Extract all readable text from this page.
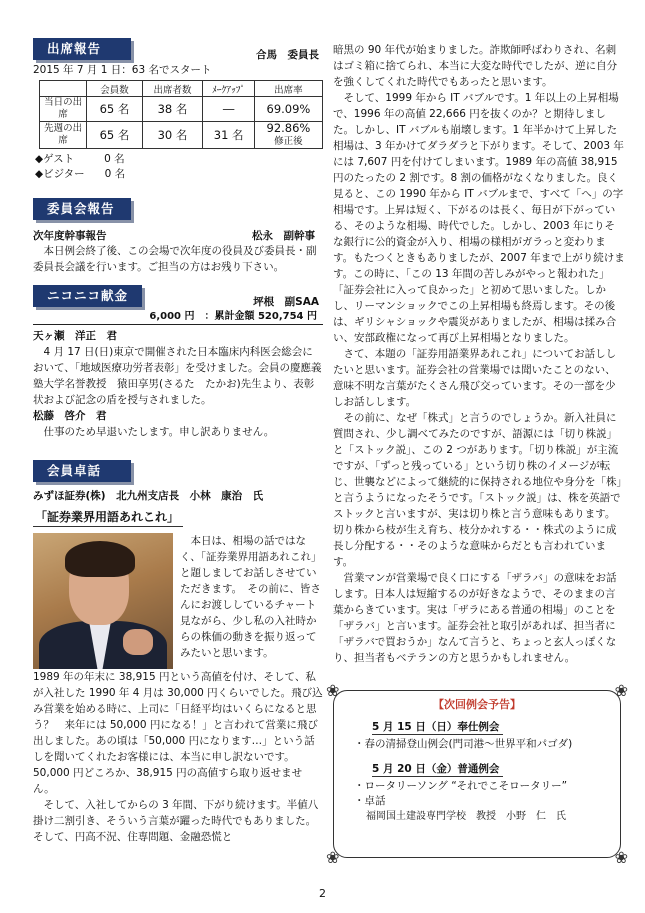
出席報告	合馬　委員長

2015 年 7 月 1 日：63 名でスタート

	会員数	出席者数	ﾒｰｸｱｯﾌﾟ	出席率
当日の出席	65 名	38 名	―	69.09%
先週の出席	65 名	30 名	31 名	92.86%
修正後
◆ゲスト	0 名
◆ビジター 0 名
委員会報告
次年度幹事報告	松永　副幹事

本日例会終了後、この会場で次年度の役員及び委員長・副委員長会議を行います。ご担当の方はお残り下さい。

ニコニコ献金	坪根　副SAA
6,000 円　：累計金額 520,754 円

天ヶ瀬　洋正　君

4 月 17 日(日)東京で開催された日本臨床内科医会総会において、「地域医療功労者表彰」を受けました。会員の慶應義塾大学名誉教授　猿田享男(さるた　たかお)先生より、表彰状および記念の盾を授与されました。

松藤　啓介　君

仕事のため早退いたします。申し訳ありません。

会員卓話

みずほ証券(株)　北九州支店長　小林　康治　氏

「証券業界用語あれこれ」

本日は、相場の話ではなく、「証券業界用語あれこれ」と題しましてお話しさせていただきます。　その前に、皆さんにお渡ししているチャート見ながら、少し私の入社時からの株価の動きを振り返ってみたいと思います。

1989 年の年末に 38,915 円という高値を付け、そして、私が入社した 1990 年 4 月は 30,000 円くらいでした。飛び込み営業を始める時に、上司に「日経平均はいくらになると思う？　来年には 50,000 円になる！」と言われて営業に飛び出しました。あの頃は「50,000 円になります…」という話しを聞いてくれたお客様には、本当に申し訳ないです。50,000 円どころか、38,915 円の高値すら取り返せません。

そして、入社してからの 3 年間、下がり続けます。半値八掛け二割引き、そういう言葉が躍った時代でもありました。そして、円高不況、住専問題、金融恐慌と

暗黒の 90 年代が始まりました。詐欺師呼ばわりされ、名刺はゴミ箱に捨てられ、本当に大変な時代でしたが、逆に自分を強くしてくれた時代でもあったと思います。

そして、1999 年から IT バブルです。1 年以上の上昇相場で、1996 年の高値 22,666 円を抜くのか？と期待しました。しかし、IT バブルも崩壊します。1 年半かけて上昇した相場は、3 年かけてダラダラと下がります。そして、2003 年には 7,607 円を付けてしまいます。1989 年の高値 38,915 円のたったの 2 割です。8 割の価格がなくなりました。良く見ると、この 1990 年から IT バブルまで、すべて「へ」の字相場です。上昇は短く、下がるのは長く、毎日が下がっている、そのような相場、時代でした。しかし、2003 年にりそな銀行に公的資金が入り、相場の様相がガラっと変わります。もたつくときもありましたが、2007 年まで上がり続けます。この時に、「この 13 年間の苦しみがやっと報われた」「証券会社に入って良かった」と初めて思いました。しかし、リーマンショックでこの上昇相場も終焉します。その後は、ギリシャショックや震災がありましたが、相場は揉み合い、安部政権になって再び上昇相場となりました。

さて、本題の「証券用語業界あれこれ」についてお話ししたいと思います。証券会社の営業場では聞いたことのない、意味不明な言葉がたくさん飛び交っています。その一部を少しお話しします。

その前に、なぜ「株式」と言うのでしょうか。新入社員に質問され、少し調べてみたのですが、語源には「切り株説」と「ストック説」、この 2 つがあります。「切り株説」が主流ですが、「ずっと残っている」という切り株のイメージが転じ、世襲などによって継続的に保持される地位や身分を「株」と言うようになったそうです。「ストック説」は、株を英語でストックと言いますが、実は切り株と言う意味もあります。切り株から枝が生え育ち、枝分かれする・・株式のように成長し分配する・・そのような意味からだとも言われています。

営業マンが営業場で良く口にする「ザラバ」の意味をお話します。日本人は短縮するのが好きなようで、そのままの言葉からきています。実は「ザラにある普通の相場」のことを「ザラバ」と言います。証券会社と取引があれば、担当者に「ザラバで買おうか」なんて言うと、ちょっと玄人っぽくなり、担当者もベテランの方と思うかもしれません。

❀	❀
❀	❀
【次回例会予告】
5 月 15 日（日）奉仕例会
・春の清掃登山例会(門司港～世界平和パゴダ)
5 月 20 日（金）普通例会
・ロータリーソング “それでこそロータリー”
・卓話
福岡国土建設専門学校　教授　小野　仁　氏
2
